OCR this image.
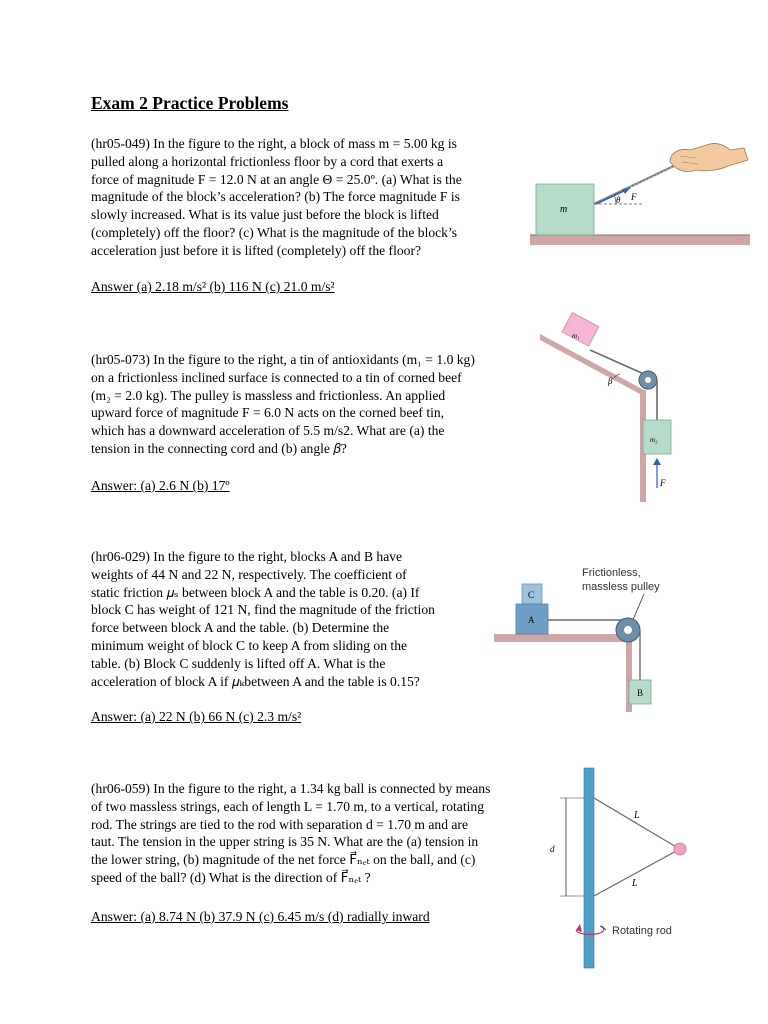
Exam 2 Practice Problems
(hr05-049) In the figure to the right, a block of mass m = 5.00 kg is
pulled along a horizontal frictionless floor by a cord that exerts a
force of magnitude F = 12.0 N at an angle Θ = 25.0º. (a) What is the
magnitude of the block’s acceleration? (b) The force magnitude F is
slowly increased. What is its value just before the block is lifted
(completely) off the floor? (c) What is the magnitude of the block’s
acceleration just before it is lifted (completely) off the floor?
Answer (a) 2.18 m/s² (b) 116 N (c) 21.0 m/s²
(hr05-073) In the figure to the right, a tin of antioxidants (m₁ = 1.0 kg)
on a frictionless inclined surface is connected to a tin of corned beef
(m₂ = 2.0 kg). The pulley is massless and frictionless. An applied
upward force of magnitude F = 6.0 N acts on the corned beef tin,
which has a downward acceleration of 5.5 m/s2. What are (a) the
tension in the connecting cord and (b) angle 𝛽?
Answer: (a) 2.6 N (b) 17º
(hr06-029) In the figure to the right, blocks A and B have
weights of 44 N and 22 N, respectively. The coefficient of
static friction 𝜇ₛ between block A and the table is 0.20. (a) If
block C has weight of 121 N, find the magnitude of the friction
force between block A and the table. (b) Determine the
minimum weight of block C to keep A from sliding on the
table. (b) Block C suddenly is lifted off A. What is the
acceleration of block A if 𝜇ₖbetween A and the table is 0.15?
Answer: (a) 22 N (b) 66 N (c) 2.3 m/s²
(hr06-059) In the figure to the right, a 1.34 kg ball is connected by means
of two massless strings, each of length L = 1.70 m, to a vertical, rotating
rod. The strings are tied to the rod with separation d = 1.70 m and are
taut. The tension in the upper string is 35 N. What are the (a) tension in
the lower string, (b) magnitude of the net force F⃗ₙₑₜ on the ball, and (c)
speed of the ball? (d) What is the direction of F⃗ₙₑₜ ?
Answer: (a) 8.74 N (b) 37.9 N (c) 6.45 m/s (d) radially inward
m
θ F
m₁
β
m₂
F
Frictionless,
massless pulley
C
A
B
L
L
d
Rotating rod
